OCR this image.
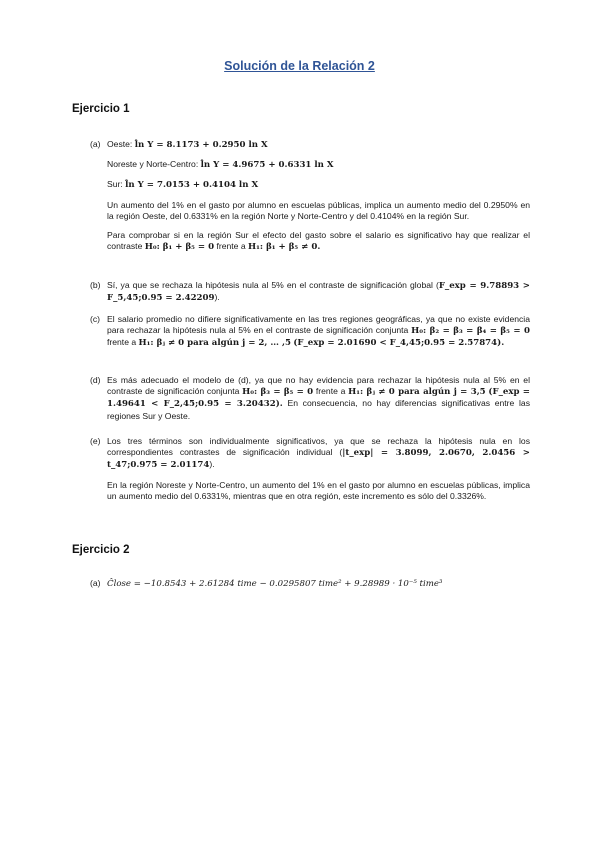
Solución de la Relación 2
Ejercicio 1
(a) Oeste: l̂n Y = 8.1173 + 0.2950 ln X

Noreste y Norte-Centro: l̂n Y = 4.9675 + 0.6331 ln X

Sur: l̂n Y = 7.0153 + 0.4104 ln X

Un aumento del 1% en el gasto por alumno en escuelas públicas, implica un aumento medio del 0.2950% en la región Oeste, del 0.6331% en la región Norte y Norte-Centro y del 0.4104% en la región Sur.

Para comprobar si en la región Sur el efecto del gasto sobre el salario es significativo hay que realizar el contraste H₀: β₁ + β₅ = 0 frente a H₁: β₁ + β₅ ≠ 0.

(b) Sí, ya que se rechaza la hipótesis nula al 5% en el contraste de significación global (F_exp = 9.78893 > F_5,45;0.95 = 2.42209).

(c) El salario promedio no difiere significativamente en las tres regiones geográficas, ya que no existe evidencia para rechazar la hipótesis nula al 5% en el contraste de significación conjunta H₀: β₂ = β₃ = β₄ = β₅ = 0 frente a H₁: βⱼ ≠ 0 para algún j = 2, … ,5 (F_exp = 2.01690 < F_4,45;0.95 = 2.57874).

(d) Es más adecuado el modelo de (d), ya que no hay evidencia para rechazar la hipótesis nula al 5% en el contraste de significación conjunta H₀: β₃ = β₅ = 0 frente a H₁: βⱼ ≠ 0 para algún j = 3,5 (F_exp = 1.49641 < F_2,45;0.95 = 3.20432). En consecuencia, no hay diferencias significativas entre las regiones Sur y Oeste.

(e) Los tres términos son individualmente significativos, ya que se rechaza la hipótesis nula en los correspondientes contrastes de significación individual (|t_exp| = 3.8099, 2.0670, 2.0456 > t_47;0.975 = 2.01174).

En la región Noreste y Norte-Centro, un aumento del 1% en el gasto por alumno en escuelas públicas, implica un aumento medio del 0.6331%, mientras que en otra región, este incremento es sólo del 0.3326%.

Ejercicio 2
(a) Ĉlose = −10.8543 + 2.61284 time − 0.0295807 time² + 9.28989 · 10⁻⁵ time³
